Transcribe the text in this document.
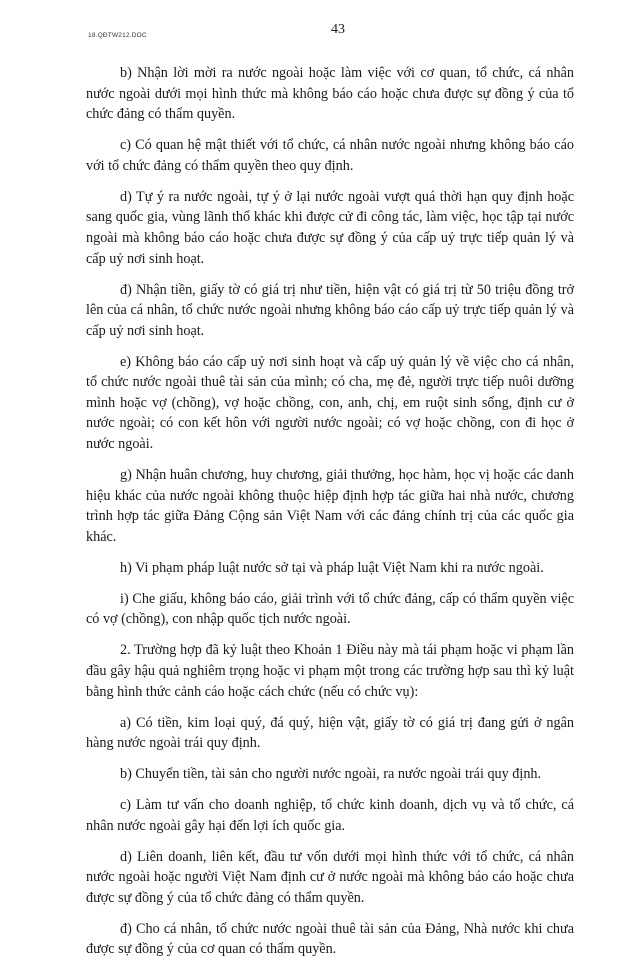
18.QĐTW212.DOC	43

b) Nhận lời mời ra nước ngoài hoặc làm việc với cơ quan, tổ chức, cá nhân nước ngoài dưới mọi hình thức mà không báo cáo hoặc chưa được sự đồng ý của tổ chức đảng có thẩm quyền.

c) Có quan hệ mật thiết với tổ chức, cá nhân nước ngoài nhưng không báo cáo với tổ chức đảng có thẩm quyền theo quy định.

d) Tự ý ra nước ngoài, tự ý ở lại nước ngoài vượt quá thời hạn quy định hoặc sang quốc gia, vùng lãnh thổ khác khi được cử đi công tác, làm việc, học tập tại nước ngoài mà không báo cáo hoặc chưa được sự đồng ý của cấp uỷ trực tiếp quản lý và cấp uỷ nơi sinh hoạt.

đ) Nhận tiền, giấy tờ có giá trị như tiền, hiện vật có giá trị từ 50 triệu đồng trở lên của cá nhân, tổ chức nước ngoài nhưng không báo cáo cấp uỷ trực tiếp quản lý và cấp uỷ nơi sinh hoạt.

e) Không báo cáo cấp uỷ nơi sinh hoạt và cấp uỷ quản lý về việc cho cá nhân, tổ chức nước ngoài thuê tài sản của mình; có cha, mẹ đẻ, người trực tiếp nuôi dưỡng mình hoặc vợ (chồng), vợ hoặc chồng, con, anh, chị, em ruột sinh sống, định cư ở nước ngoài; có con kết hôn với người nước ngoài; có vợ hoặc chồng, con đi học ở nước ngoài.

g) Nhận huân chương, huy chương, giải thưởng, học hàm, học vị hoặc các danh hiệu khác của nước ngoài không thuộc hiệp định hợp tác giữa hai nhà nước, chương trình hợp tác giữa Đảng Cộng sản Việt Nam với các đảng chính trị của các quốc gia khác.

h) Vi phạm pháp luật nước sở tại và pháp luật Việt Nam khi ra nước ngoài.

i) Che giấu, không báo cáo, giải trình với tổ chức đảng, cấp có thẩm quyền việc có vợ (chồng), con nhập quốc tịch nước ngoài.

2. Trường hợp đã kỷ luật theo Khoản 1 Điều này mà tái phạm hoặc vi phạm lần đầu gây hậu quả nghiêm trọng hoặc vi phạm một trong các trường hợp sau thì kỷ luật bằng hình thức cảnh cáo hoặc cách chức (nếu có chức vụ):

a) Có tiền, kim loại quý, đá quý, hiện vật, giấy tờ có giá trị đang gửi ở ngân hàng nước ngoài trái quy định.

b) Chuyển tiền, tài sản cho người nước ngoài, ra nước ngoài trái quy định.

c) Làm tư vấn cho doanh nghiệp, tổ chức kinh doanh, dịch vụ và tổ chức, cá nhân nước ngoài gây hại đến lợi ích quốc gia.

d) Liên doanh, liên kết, đầu tư vốn dưới mọi hình thức với tổ chức, cá nhân nước ngoài hoặc người Việt Nam định cư ở nước ngoài mà không báo cáo hoặc chưa được sự đồng ý của tổ chức đảng có thẩm quyền.

đ) Cho cá nhân, tổ chức nước ngoài thuê tài sản của Đảng, Nhà nước khi chưa được sự đồng ý của cơ quan có thẩm quyền.
